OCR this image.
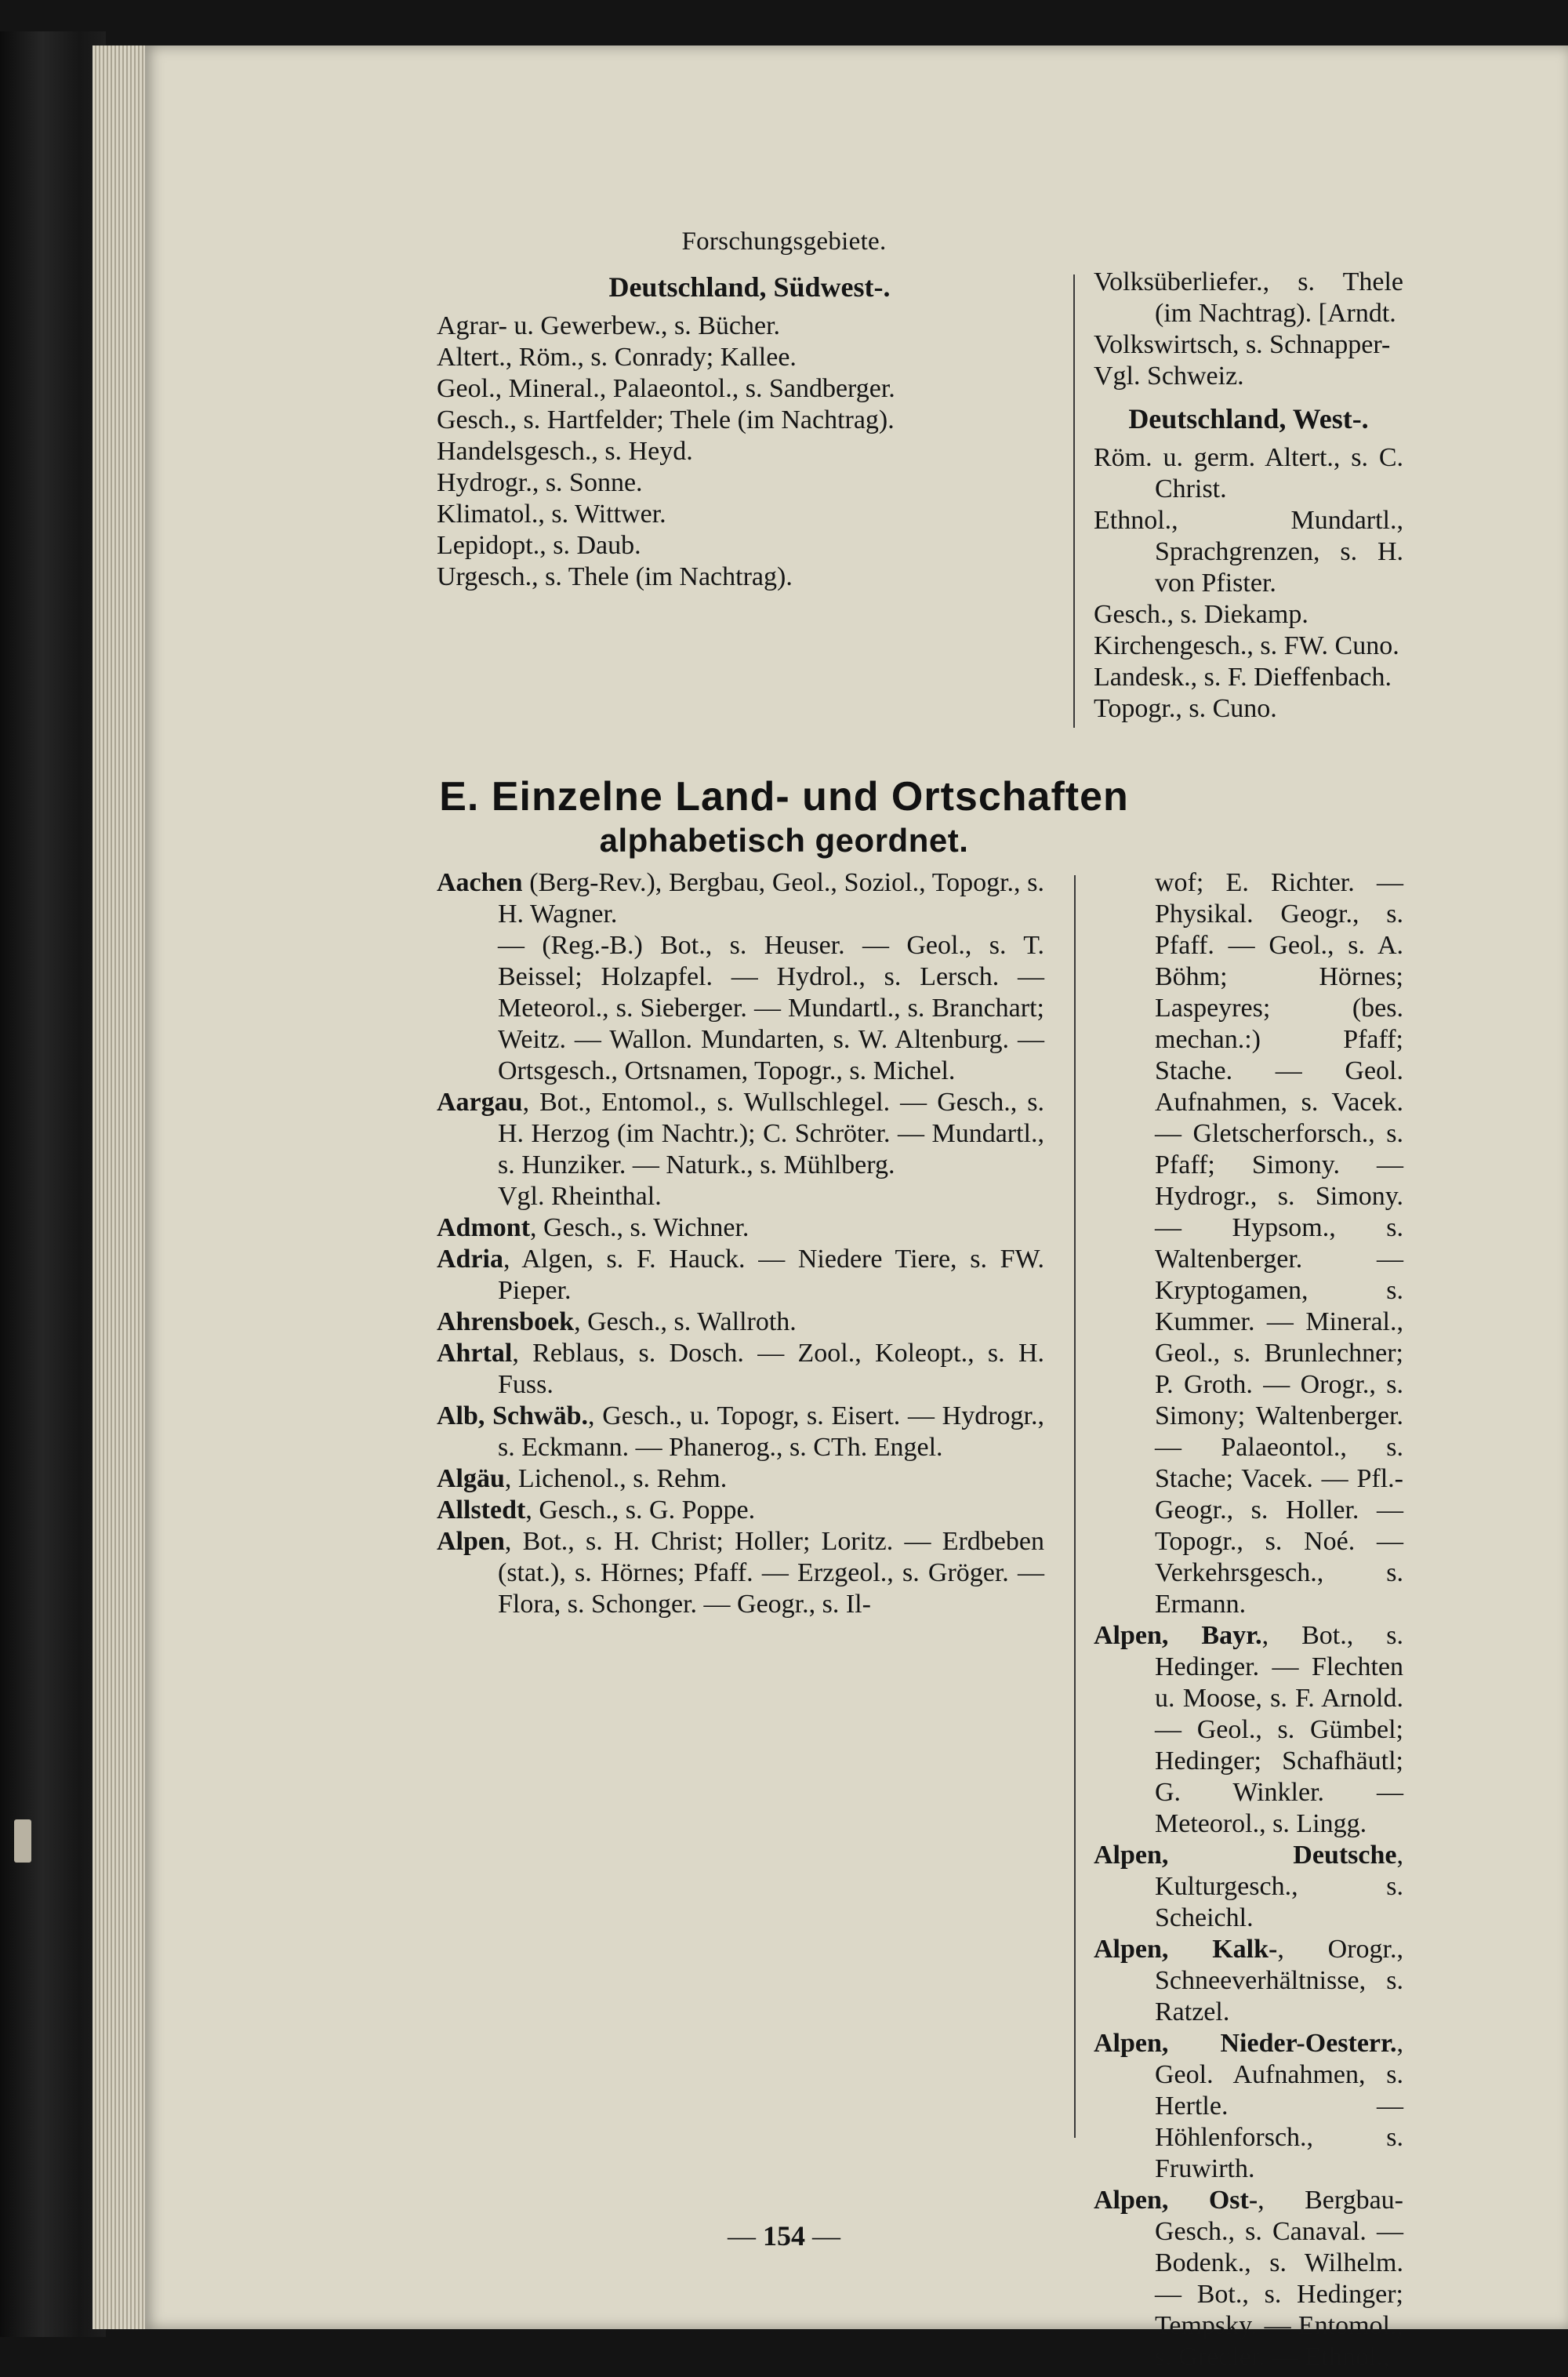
Forschungsgebiete.
Deutschland, Südwest-.
Agrar- u. Gewerbew., s. Bücher.
Altert., Röm., s. Conrady; Kallee.
Geol., Mineral., Palaeontol., s. Sandberger.
Gesch., s. Hartfelder; Thele (im Nachtrag).
Handelsgesch., s. Heyd.
Hydrogr., s. Sonne.
Klimatol., s. Wittwer.
Lepidopt., s. Daub.
Urgesch., s. Thele (im Nachtrag).
Volksüberliefer., s. Thele (im Nachtrag). [Arndt.
Volkswirtsch, s. Schnapper-
Vgl. Schweiz.
Deutschland, West-.
Röm. u. germ. Altert., s. C. Christ.
Ethnol., Mundartl., Sprachgrenzen, s. H. von Pfister.
Gesch., s. Diekamp.
Kirchengesch., s. FW. Cuno.
Landesk., s. F. Dieffenbach.
Topogr., s. Cuno.
E. Einzelne Land- und Ortschaften
alphabetisch geordnet.
Aachen (Berg-Rev.), Bergbau, Geol., Soziol., Topogr., s. H. Wagner.
— (Reg.-B.) Bot., s. Heuser. — Geol., s. T. Beissel; Holzapfel. — Hydrol., s. Lersch. — Meteorol., s. Sieberger. — Mundartl., s. Branchart; Weitz. — Wallon. Mundarten, s. W. Altenburg. — Ortsgesch., Ortsnamen, Topogr., s. Michel.
Aargau, Bot., Entomol., s. Wullschlegel. — Gesch., s. H. Herzog (im Nachtr.); C. Schröter. — Mundartl., s. Hunziker. — Naturk., s. Mühlberg.
Vgl. Rheinthal.
Admont, Gesch., s. Wichner.
Adria, Algen, s. F. Hauck. — Niedere Tiere, s. FW. Pieper.
Ahrensboek, Gesch., s. Wallroth.
Ahrtal, Reblaus, s. Dosch. — Zool., Koleopt., s. H. Fuss.
Alb, Schwäb., Gesch., u. Topogr, s. Eisert. — Hydrogr., s. Eckmann. — Phanerog., s. CTh. Engel.
Algäu, Lichenol., s. Rehm.
Allstedt, Gesch., s. G. Poppe.
Alpen, Bot., s. H. Christ; Holler; Loritz. — Erdbeben (stat.), s. Hörnes; Pfaff. — Erzgeol., s. Gröger. — Flora, s. Schonger. — Geogr., s. Il-
wof; E. Richter. — Physikal. Geogr., s. Pfaff. — Geol., s. A. Böhm; Hörnes; Laspeyres; (bes. mechan.:) Pfaff; Stache. — Geol. Aufnahmen, s. Vacek. — Gletscherforsch., s. Pfaff; Simony. — Hydrogr., s. Simony. — Hypsom., s. Waltenberger. — Kryptogamen, s. Kummer. — Mineral., Geol., s. Brunlechner; P. Groth. — Orogr., s. Simony; Waltenberger. — Palaeontol., s. Stache; Vacek. — Pfl.-Geogr., s. Holler. — Topogr., s. Noé. — Verkehrsgesch., s. Ermann.
Alpen, Bayr., Bot., s. Hedinger. — Flechten u. Moose, s. F. Arnold. — Geol., s. Gümbel; Hedinger; Schafhäutl; G. Winkler. — Meteorol., s. Lingg.
Alpen, Deutsche, Kulturgesch., s. Scheichl.
Alpen, Kalk-, Orogr., Schneeverhältnisse, s. Ratzel.
Alpen, Nieder-Oesterr., Geol. Aufnahmen, s. Hertle. — Höhlenforsch., s. Fruwirth.
Alpen, Ost-, Bergbau-Gesch., s. Canaval. — Bodenk., s. Wilhelm. — Bot., s. Hedinger; Tempsky. — Entomol., s. Gredler. — Ethnol.,
— 154 —
